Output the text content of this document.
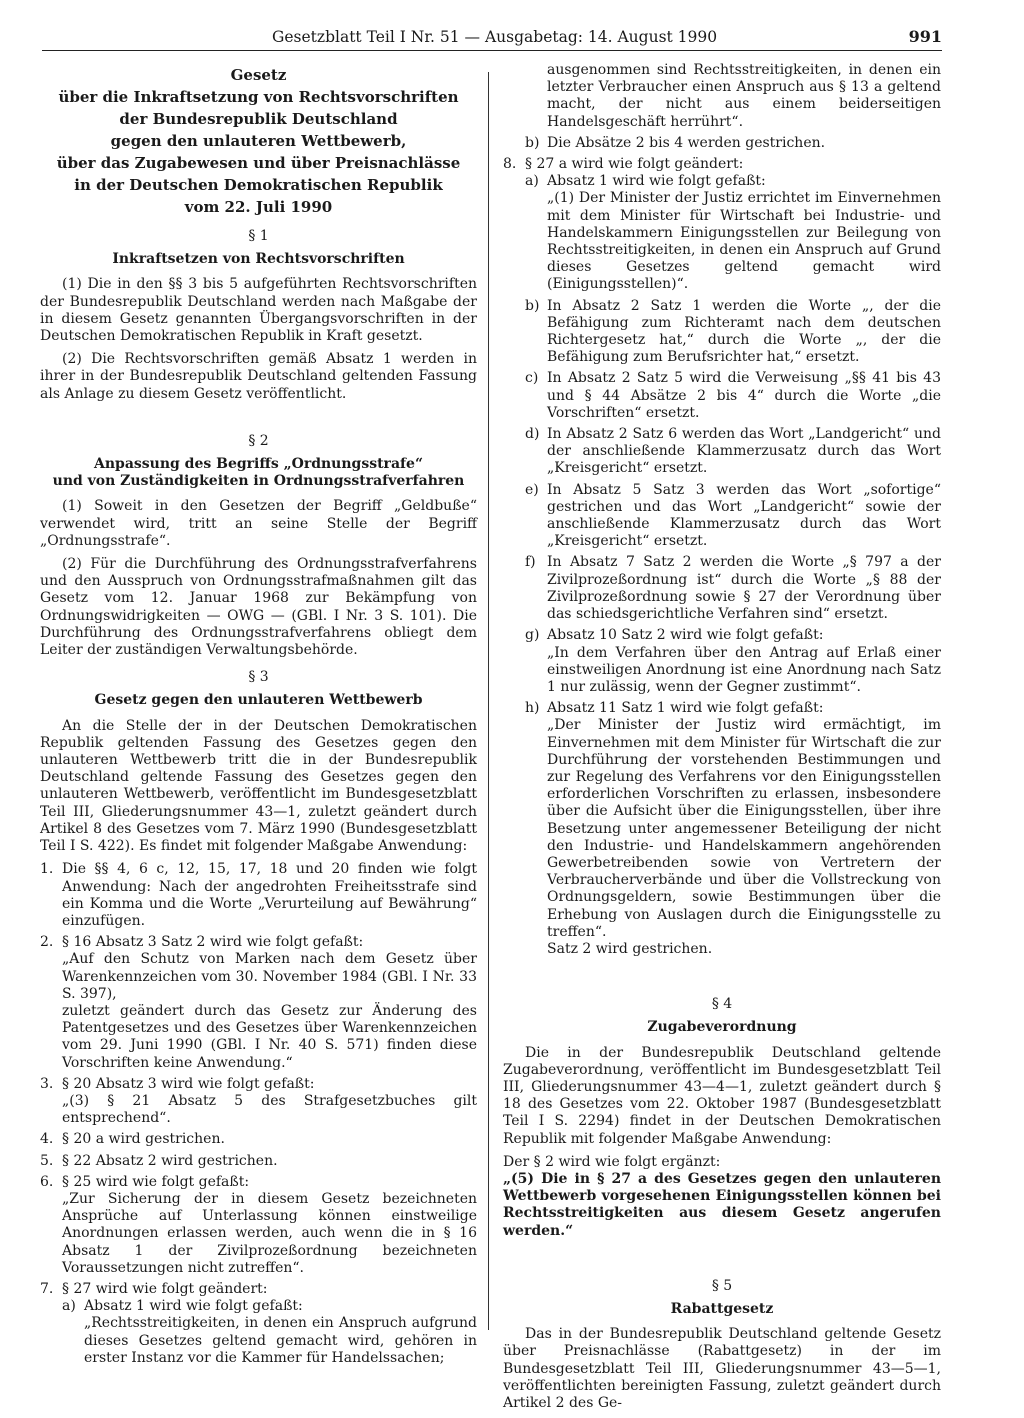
Gesetzblatt Teil I Nr. 51 — Ausgabetag: 14. August 1990	991
Gesetz
über die Inkraftsetzung von Rechtsvorschriften
der Bundesrepublik Deutschland
gegen den unlauteren Wettbewerb,
über das Zugabewesen und über Preisnachlässe
in der Deutschen Demokratischen Republik
vom 22. Juli 1990
§ 1
Inkraftsetzen von Rechtsvorschriften

(1) Die in den §§ 3 bis 5 aufgeführten Rechtsvorschriften der Bundesrepublik Deutschland werden nach Maßgabe der in diesem Gesetz genannten Übergangsvorschriften in der Deutschen Demokratischen Republik in Kraft gesetzt.

(2) Die Rechtsvorschriften gemäß Absatz 1 werden in ihrer in der Bundesrepublik Deutschland geltenden Fassung als Anlage zu diesem Gesetz veröffentlicht.

§ 2
Anpassung des Begriffs „Ordnungsstrafe“
und von Zuständigkeiten in Ordnungsstrafverfahren

(1) Soweit in den Gesetzen der Begriff „Geldbuße“ verwendet wird, tritt an seine Stelle der Begriff „Ordnungsstrafe“.

(2) Für die Durchführung des Ordnungsstrafverfahrens und den Ausspruch von Ordnungsstrafmaßnahmen gilt das Gesetz vom 12. Januar 1968 zur Bekämpfung von Ordnungswidrigkeiten — OWG — (GBl. I Nr. 3 S. 101). Die Durchführung des Ordnungsstrafverfahrens obliegt dem Leiter der zuständigen Verwaltungsbehörde.

§ 3
Gesetz gegen den unlauteren Wettbewerb

An die Stelle der in der Deutschen Demokratischen Republik geltenden Fassung des Gesetzes gegen den unlauteren Wettbewerb tritt die in der Bundesrepublik Deutschland geltende Fassung des Gesetzes gegen den unlauteren Wettbewerb, veröffentlicht im Bundesgesetzblatt Teil III, Gliederungsnummer 43—1, zuletzt geändert durch Artikel 8 des Gesetzes vom 7. März 1990 (Bundesgesetzblatt Teil I S. 422). Es findet mit folgender Maßgabe Anwendung:

1. Die §§ 4, 6 c, 12, 15, 17, 18 und 20 finden wie folgt Anwendung: Nach der angedrohten Freiheitsstrafe sind ein Komma und die Worte „Verurteilung auf Bewährung“ einzufügen.
2. § 16 Absatz 3 Satz 2 wird wie folgt gefaßt:
„Auf den Schutz von Marken nach dem Gesetz über Warenkennzeichen vom 30. November 1984 (GBl. I Nr. 33 S. 397),
zuletzt geändert durch das Gesetz zur Änderung des Patentgesetzes und des Gesetzes über Warenkennzeichen vom 29. Juni 1990 (GBl. I Nr. 40 S. 571) finden diese Vorschriften keine Anwendung.“
3. § 20 Absatz 3 wird wie folgt gefaßt:
„(3) § 21 Absatz 5 des Strafgesetzbuches gilt entsprechend“.
4. § 20 a wird gestrichen.
5. § 22 Absatz 2 wird gestrichen.
6. § 25 wird wie folgt gefaßt:
„Zur Sicherung der in diesem Gesetz bezeichneten Ansprüche auf Unterlassung können einstweilige Anordnungen erlassen werden, auch wenn die in § 16 Absatz 1 der Zivilprozeßordnung bezeichneten Voraussetzungen nicht zutreffen“.
7. § 27 wird wie folgt geändert:
a) Absatz 1 wird wie folgt gefaßt:
„Rechtsstreitigkeiten, in denen ein Anspruch aufgrund dieses Gesetzes geltend gemacht wird, gehören in erster Instanz vor die Kammer für Handelssachen;
ausgenommen sind Rechtsstreitigkeiten, in denen ein letzter Verbraucher einen Anspruch aus § 13 a geltend macht, der nicht aus einem beiderseitigen Handelsgeschäft herrührt“.
b) Die Absätze 2 bis 4 werden gestrichen.
8. § 27 a wird wie folgt geändert:
a) Absatz 1 wird wie folgt gefaßt:
„(1) Der Minister der Justiz errichtet im Einvernehmen mit dem Minister für Wirtschaft bei Industrie- und Handelskammern Einigungsstellen zur Beilegung von Rechtsstreitigkeiten, in denen ein Anspruch auf Grund dieses Gesetzes geltend gemacht wird (Einigungsstellen)“.
b) In Absatz 2 Satz 1 werden die Worte „, der die Befähigung zum Richteramt nach dem deutschen Richtergesetz hat,“ durch die Worte „, der die Befähigung zum Berufsrichter hat,“ ersetzt.
c) In Absatz 2 Satz 5 wird die Verweisung „§§ 41 bis 43 und § 44 Absätze 2 bis 4“ durch die Worte „die Vorschriften“ ersetzt.
d) In Absatz 2 Satz 6 werden das Wort „Landgericht“ und der anschließende Klammerzusatz durch das Wort „Kreisgericht“ ersetzt.
e) In Absatz 5 Satz 3 werden das Wort „sofortige“ gestrichen und das Wort „Landgericht“ sowie der anschließende Klammerzusatz durch das Wort „Kreisgericht“ ersetzt.
f) In Absatz 7 Satz 2 werden die Worte „§ 797 a der Zivilprozeßordnung ist“ durch die Worte „§ 88 der Zivilprozeßordnung sowie § 27 der Verordnung über das schiedsgerichtliche Verfahren sind“ ersetzt.
g) Absatz 10 Satz 2 wird wie folgt gefaßt:
„In dem Verfahren über den Antrag auf Erlaß einer einstweiligen Anordnung ist eine Anordnung nach Satz 1 nur zulässig, wenn der Gegner zustimmt“.
h) Absatz 11 Satz 1 wird wie folgt gefaßt:
„Der Minister der Justiz wird ermächtigt, im Einvernehmen mit dem Minister für Wirtschaft die zur Durchführung der vorstehenden Bestimmungen und zur Regelung des Verfahrens vor den Einigungsstellen erforderlichen Vorschriften zu erlassen, insbesondere über die Aufsicht über die Einigungsstellen, über ihre Besetzung unter angemessener Beteiligung der nicht den Industrie- und Handelskammern angehörenden Gewerbetreibenden sowie von Vertretern der Verbraucherverbände und über die Vollstreckung von Ordnungsgeldern, sowie Bestimmungen über die Erhebung von Auslagen durch die Einigungsstelle zu treffen“.
Satz 2 wird gestrichen.
§ 4
Zugabeverordnung

Die in der Bundesrepublik Deutschland geltende Zugabeverordnung, veröffentlicht im Bundesgesetzblatt Teil III, Gliederungsnummer 43—4—1, zuletzt geändert durch § 18 des Gesetzes vom 22. Oktober 1987 (Bundesgesetzblatt Teil I S. 2294) findet in der Deutschen Demokratischen Republik mit folgender Maßgabe Anwendung:

Der § 2 wird wie folgt ergänzt:

„(5) Die in § 27 a des Gesetzes gegen den unlauteren Wettbewerb vorgesehenen Einigungsstellen können bei Rechtsstreitigkeiten aus diesem Gesetz angerufen werden.“

§ 5
Rabattgesetz

Das in der Bundesrepublik Deutschland geltende Gesetz über Preisnachlässe (Rabattgesetz) in der im Bundesgesetzblatt Teil III, Gliederungsnummer 43—5—1, veröffentlichten bereinigten Fassung, zuletzt geändert durch Artikel 2 des Ge-
